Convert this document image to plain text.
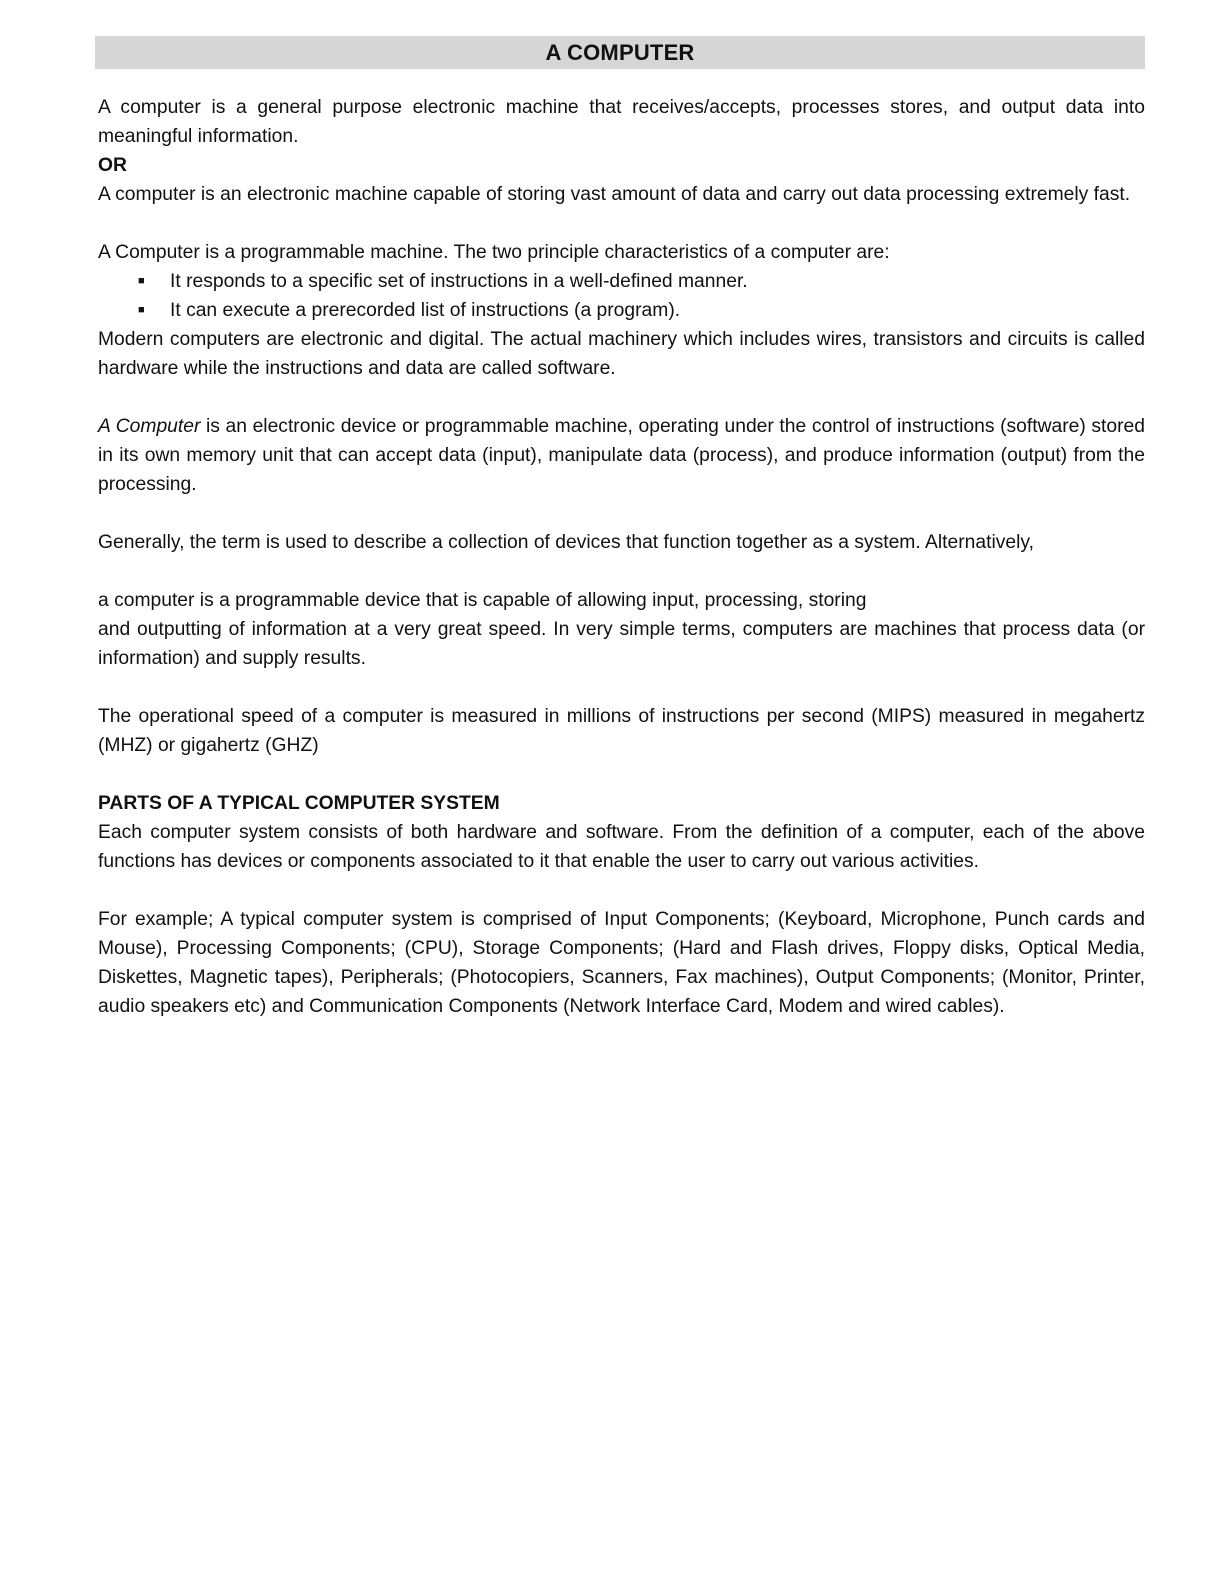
A COMPUTER

A computer is a general purpose electronic machine that receives/accepts, processes stores, and output data into meaningful information.

OR

A computer is an electronic machine capable of storing vast amount of data and carry out data processing extremely fast.

A Computer is a programmable machine. The two principle characteristics of a computer are:

■ It responds to a specific set of instructions in a well-defined manner.
■ It can execute a prerecorded list of instructions (a program).

Modern computers are electronic and digital. The actual machinery which includes wires, transistors and circuits is called hardware while the instructions and data are called software.

A Computer is an electronic device or programmable machine, operating under the control of instructions (software) stored in its own memory unit that can accept data (input), manipulate data (process), and produce information (output) from the processing.

Generally, the term is used to describe a collection of devices that function together as a system. Alternatively,

a computer is a programmable device that is capable of allowing input, processing, storing

and outputting of information at a very great speed. In very simple terms, computers are machines that process data (or information) and supply results.

The operational speed of a computer is measured in millions of instructions per second (MIPS) measured in megahertz (MHZ) or gigahertz (GHZ)

PARTS OF A TYPICAL COMPUTER SYSTEM

Each computer system consists of both hardware and software. From the definition of a computer, each of the above functions has devices or components associated to it that enable the user to carry out various activities.

For example; A typical computer system is comprised of Input Components; (Keyboard, Microphone, Punch cards and Mouse), Processing Components; (CPU), Storage Components; (Hard and Flash drives, Floppy disks, Optical Media, Diskettes, Magnetic tapes), Peripherals; (Photocopiers, Scanners, Fax machines), Output Components; (Monitor, Printer, audio speakers etc) and Communication Components (Network Interface Card, Modem and wired cables).
